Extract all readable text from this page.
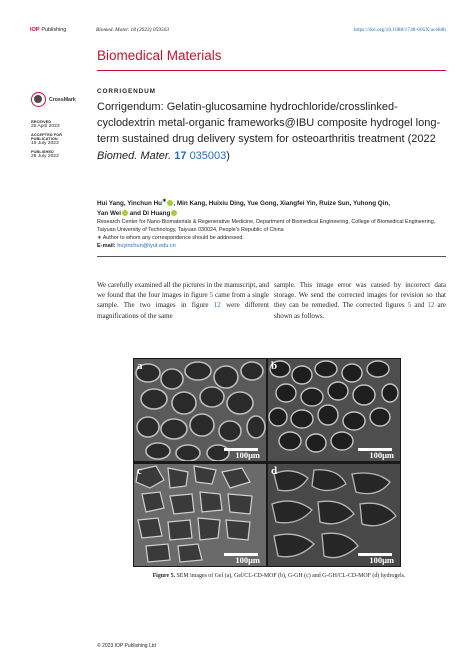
IOP Publishing	Biomed. Mater. 18 (2023) 059503	https://doi.org/10.1088/1748-605X/ace8db
Biomedical Materials
CrossMark
RECEIVED
25 April 2023
ACCEPTED FOR PUBLICATION
19 July 2023
PUBLISHED
28 July 2023
CORRIGENDUM
Corrigendum: Gelatin-glucosamine hydrochloride/crosslinked-cyclodextrin metal-organic frameworks@IBU composite hydrogel long-term sustained drug delivery system for osteoarthritis treatment (2022 Biomed. Mater. 17 035003)
Hui Yang, Yinchun Hu∗ , Min Kang, Huixiu Ding, Yue Gong, Xiangfei Yin, Ruize Sun, Yuhong Qin,
Yan Wei and Di Huang
Research Center for Nano-Biomaterials & Regenerative Medicine, Department of Biomedical Engineering, College of Biomedical Engineering, Taiyuan University of Technology, Taiyuan 030024, People’s Republic of China
∗ Author to whom any correspondence should be addressed.
E-mail: huyinchun@tyut.edu.cn
We carefully examined all the pictures in the manuscript, and we found that the four images in figure 5 came from a single sample. The two images in figure 12 were different magnifications of the same
sample. This image error was caused by incorrect data storage. We send the corrected images for revision so that they can be remedied. The corrected figures 5 and 12 are shown as follows.
a
100μm
b
100μm
c
100μm
d
100μm
Figure 5. SEM images of Gel (a), Gel/CL-CD-MOF (b), G-GH (c) and G-GH/CL-CD-MOF (d) hydrogels.
© 2023 IOP Publishing Ltd
